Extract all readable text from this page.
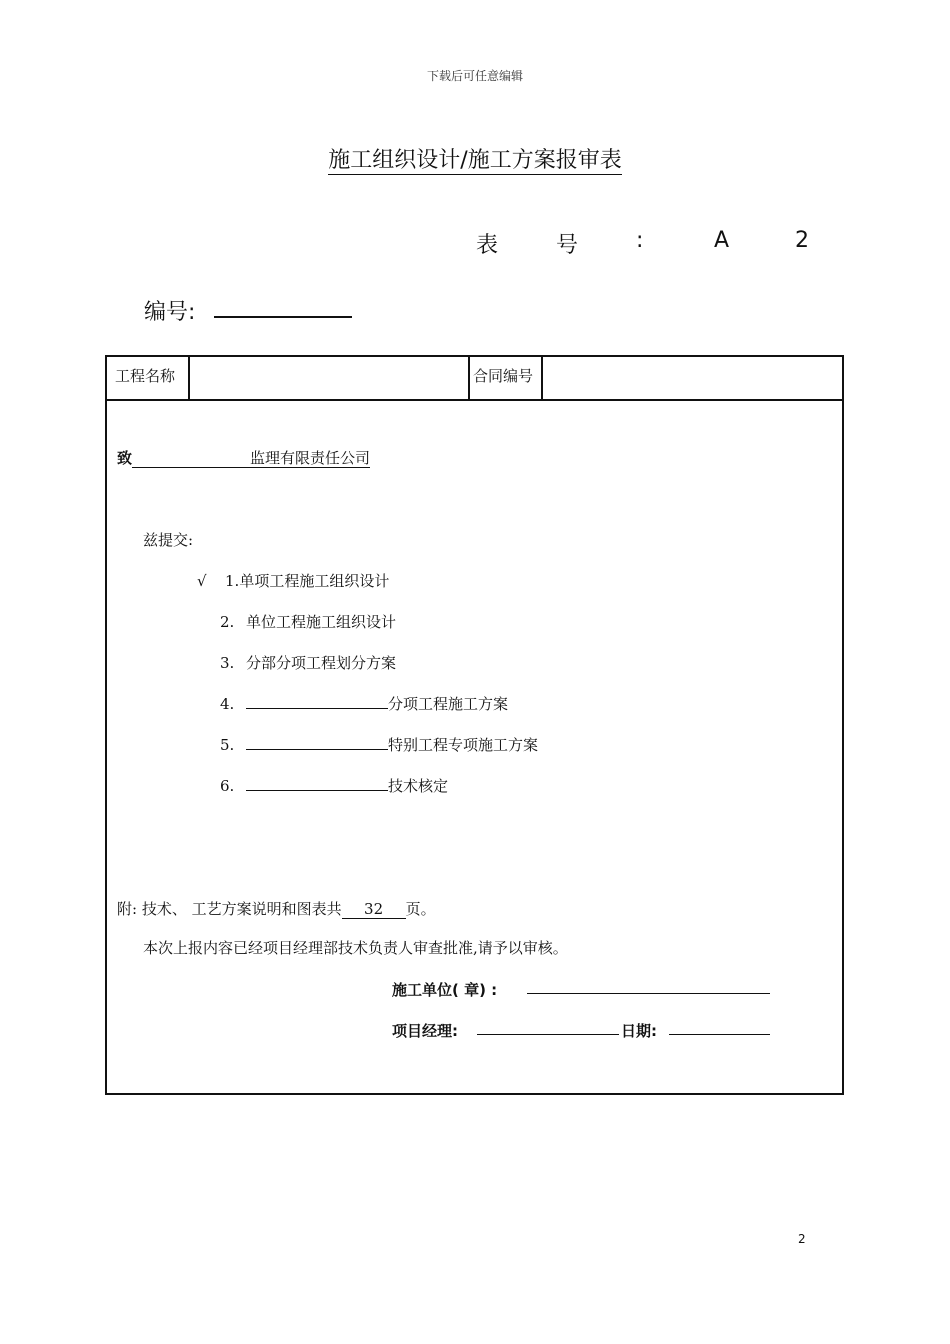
下载后可任意编辑
施工组织设计/施工方案报审表
表	号	:	A	2
编号:
工程名称	合同编号
致	监理有限责任公司
兹提交:
√ 1.单项工程施工组织设计
2. 单位工程施工组织设计
3. 分部分项工程划分方案
4.	分项工程施工方案
5.	特别工程专项施工方案
6.	技术核定
附: 技术、 工艺方案说明和图表共 32 页。
本次上报内容已经项目经理部技术负责人审查批准,请予以审核。
施工单位( 章) :
项目经理:	日期:
2
